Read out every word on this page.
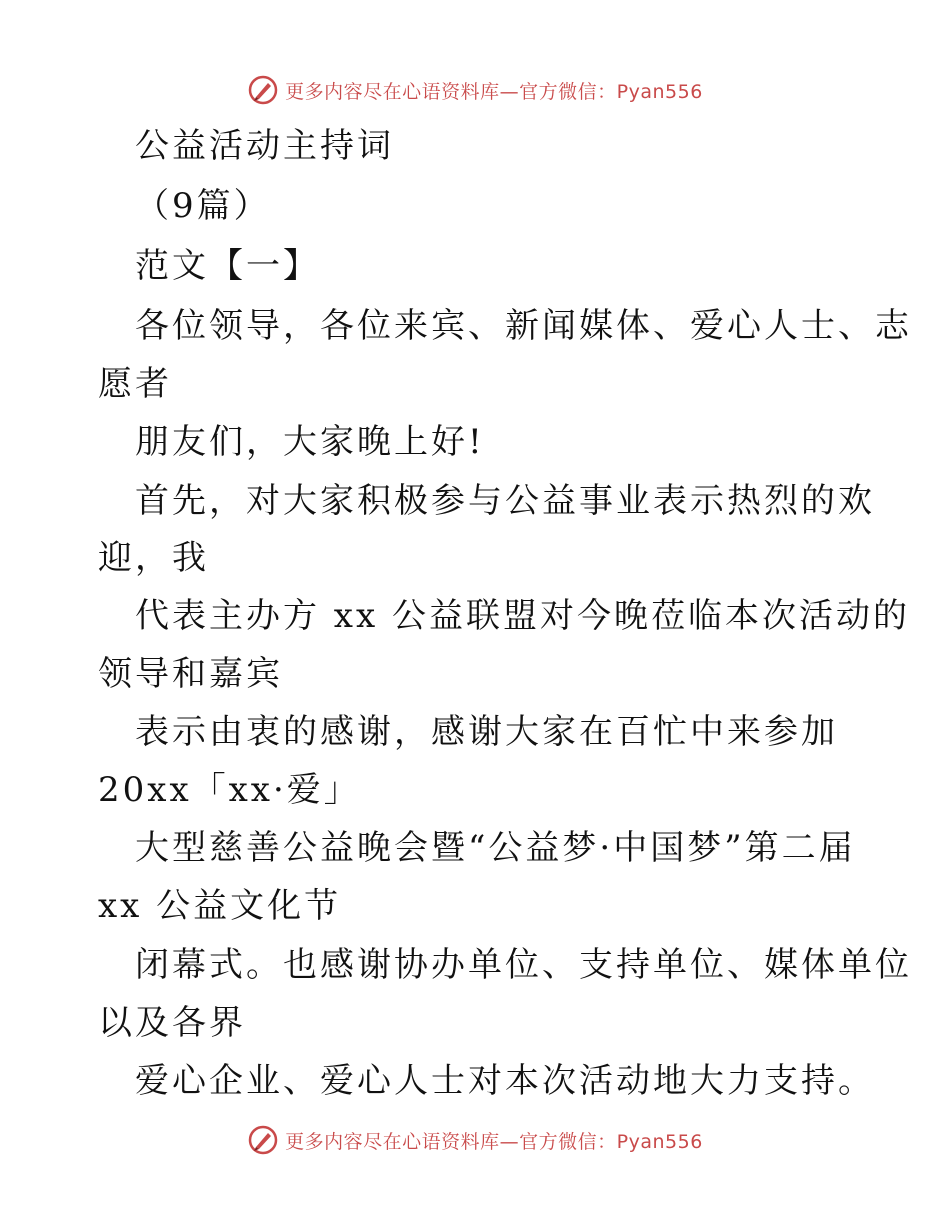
更多内容尽在心语资料库—官方微信：Pyan556
公益活动主持词
（9篇）
范文【一】
各位领导，各位来宾、新闻媒体、爱心人士、志
愿者
朋友们，大家晚上好!
首先，对大家积极参与公益事业表示热烈的欢
迎，我
代表主办方 xx 公益联盟对今晚莅临本次活动的
领导和嘉宾
表示由衷的感谢，感谢大家在百忙中来参加
20xx「xx·爱」
大型慈善公益晚会暨“公益梦·中国梦”第二届
xx 公益文化节
闭幕式。也感谢协办单位、支持单位、媒体单位
以及各界
爱心企业、爱心人士对本次活动地大力支持。
更多内容尽在心语资料库—官方微信：Pyan556
